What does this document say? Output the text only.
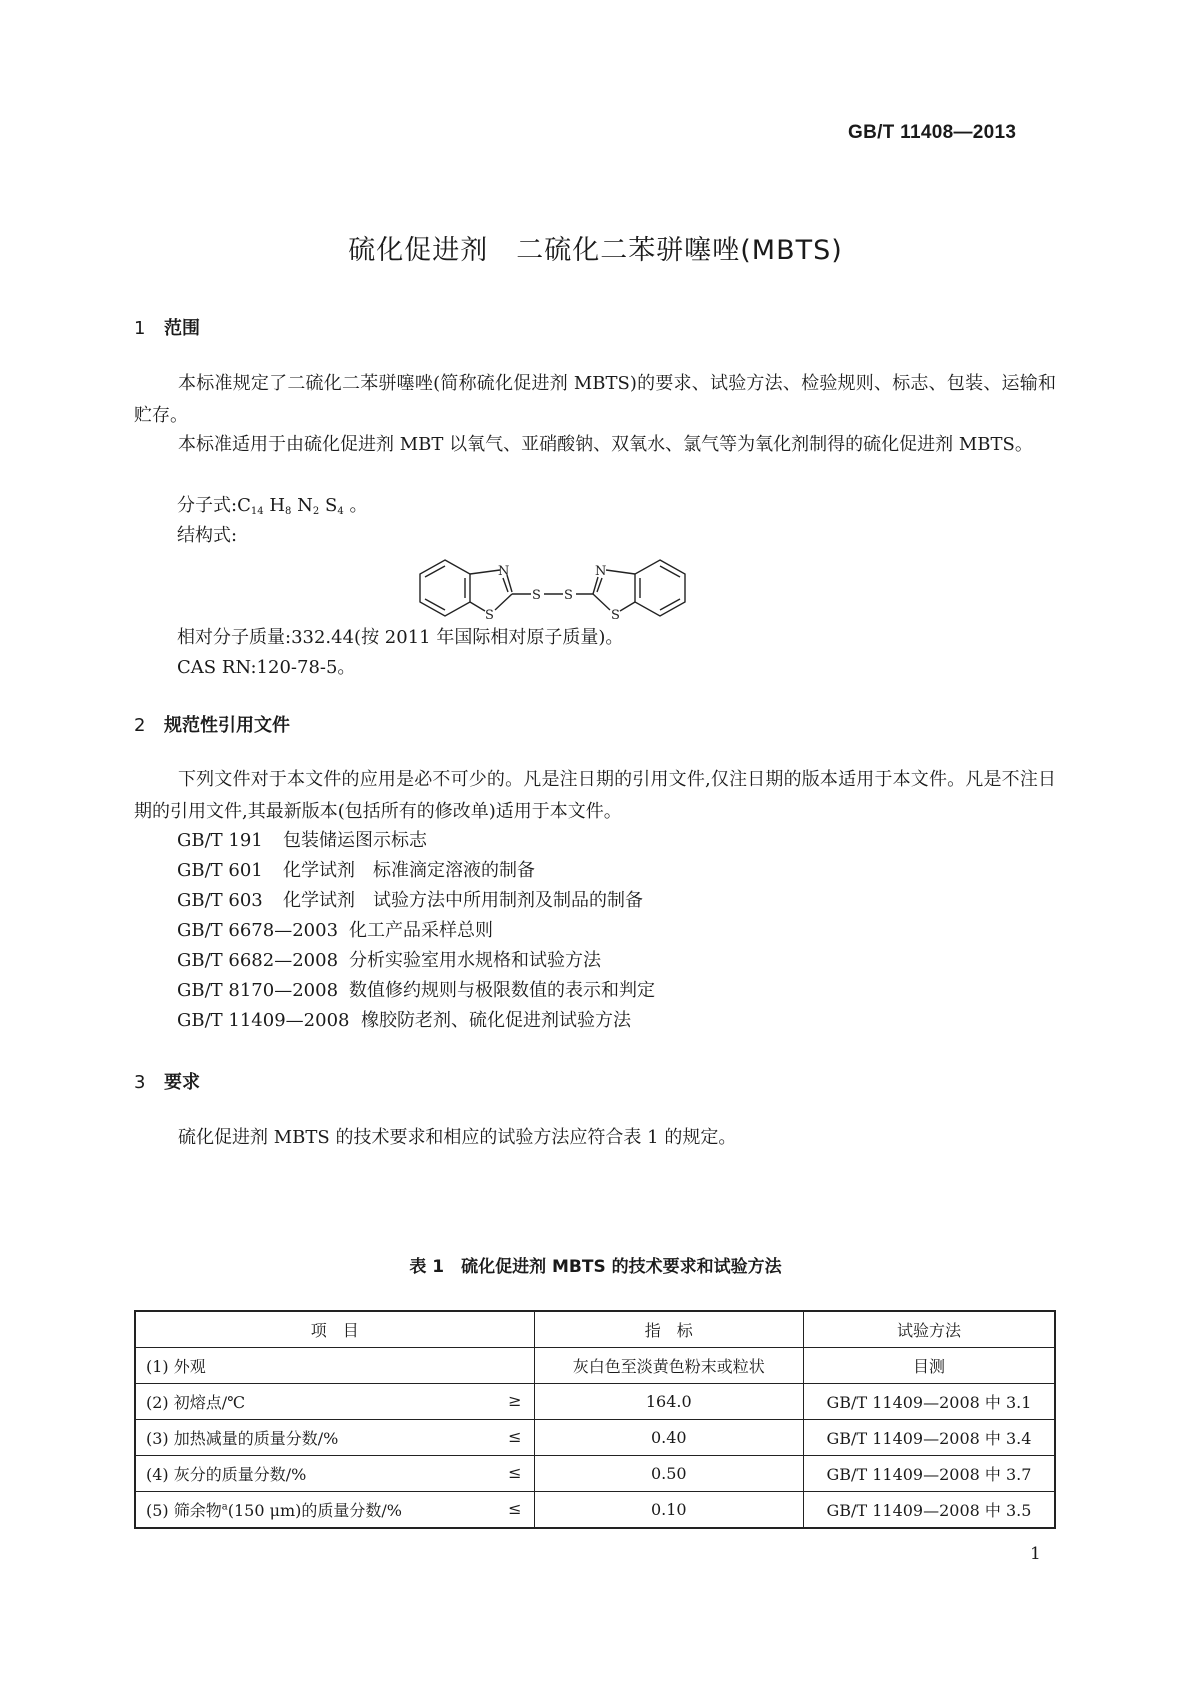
GB/T 11408—2013
硫化促进剂　二硫化二苯骈噻唑(MBTS)
1 范围
本标准规定了二硫化二苯骈噻唑(简称硫化促进剂 MBTS)的要求、试验方法、检验规则、标志、包装、运输和贮存。
本标准适用于由硫化促进剂 MBT 以氧气、亚硝酸钠、双氧水、氯气等为氧化剂制得的硫化促进剂 MBTS。
分子式$:C_{14}$ $H_8$ $N_2$ $S_4$ 。
结构式:
N
S
S S
N
S
相对分子质量:332.44(按 2011 年国际相对原子质量)。
CAS RN:120-78-5。
2 规范性引用文件
下列文件对于本文件的应用是必不可少的。凡是注日期的引用文件,仅注日期的版本适用于本文件。凡是不注日期的引用文件,其最新版本(包括所有的修改单)适用于本文件。
GB/T 191 包装储运图示标志
GB/T 601 化学试剂　标准滴定溶液的制备
GB/T 603 化学试剂　试验方法中所用制剂及制品的制备
GB/T 6678—2003 化工产品采样总则
GB/T 6682—2008 分析实验室用水规格和试验方法
GB/T 8170—2008 数值修约规则与极限数值的表示和判定
GB/T 11409—2008 橡胶防老剂、硫化促进剂试验方法
3 要求
硫化促进剂 MBTS 的技术要求和相应的试验方法应符合表 1 的规定。
表 1　硫化促进剂 MBTS 的技术要求和试验方法
项　目	指　标	试验方法
(1) 外观	灰白色至淡黄色粉末或粒状	目测
(2) 初熔点/℃ ≥	164.0	GB/T 11409—2008 中 3.1
(3) 加热减量的质量分数/% ≤	0.40	GB/T 11409—2008 中 3.4
(4) 灰分的质量分数/% ≤	0.50	GB/T 11409—2008 中 3.7
(5) 筛余物$^a$(150 μm)的质量分数/% ≤	0.10	GB/T 11409—2008 中 3.5
1
